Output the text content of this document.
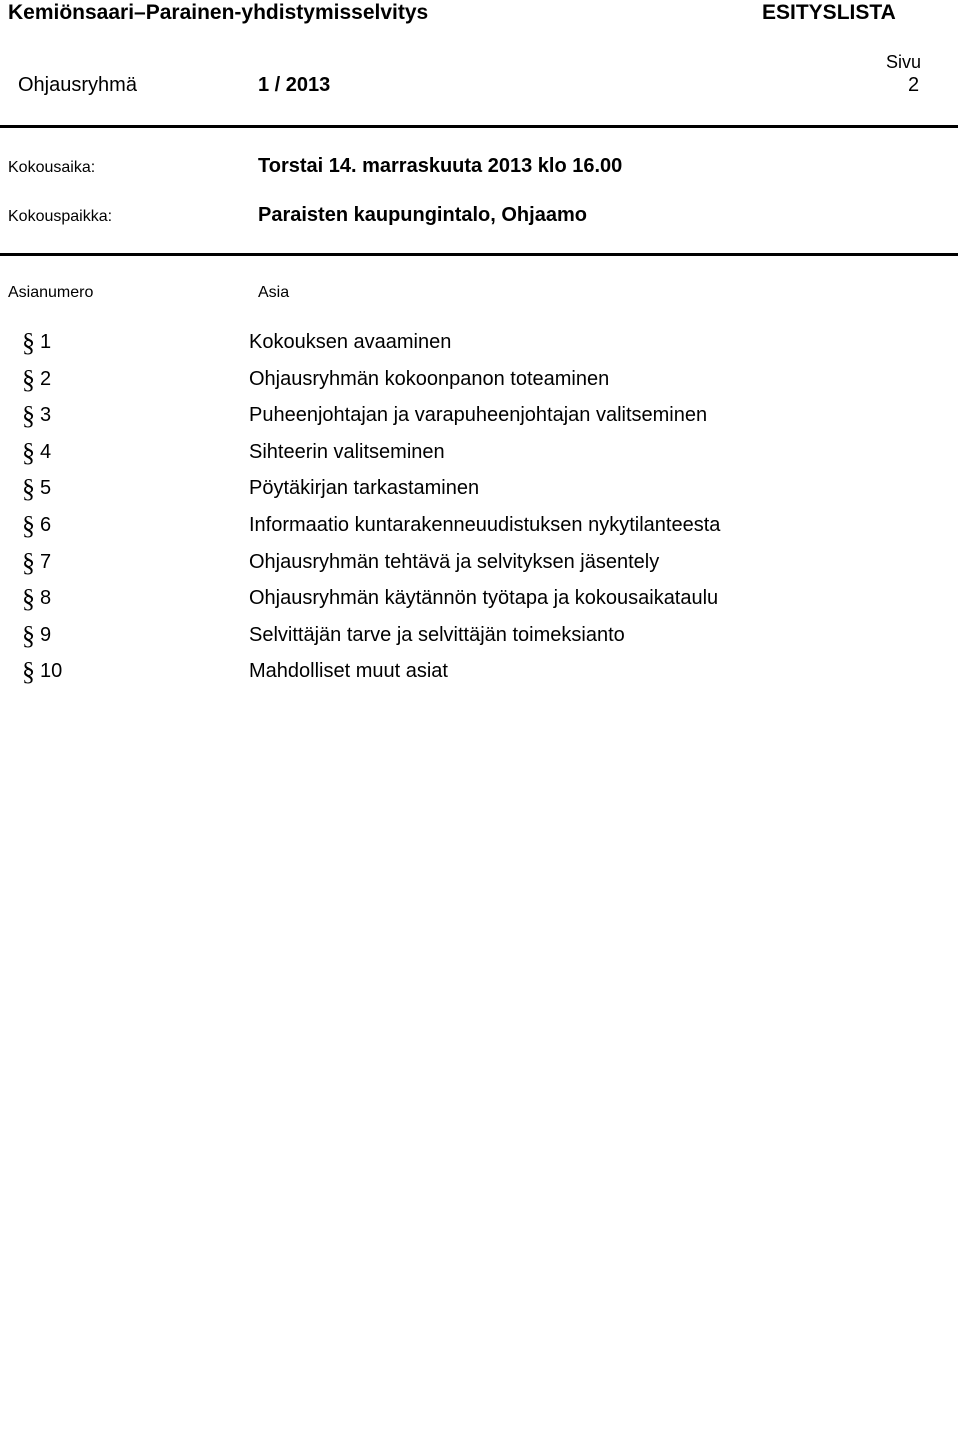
Kemiönsaari–Parainen-yhdistymisselvitys	ESITYSLISTA
Ohjausryhmä	1 / 2013
Sivu
2
Kokousaika:	Torstai 14. marraskuuta 2013 klo 16.00
Kokouspaikka:	Paraisten kaupungintalo, Ohjaamo
Asianumero	Asia
§ 1	Kokouksen avaaminen
§ 2	Ohjausryhmän kokoonpanon toteaminen
§ 3	Puheenjohtajan ja varapuheenjohtajan valitseminen
§ 4	Sihteerin valitseminen
§ 5	Pöytäkirjan tarkastaminen
§ 6	Informaatio kuntarakenneuudistuksen nykytilanteesta
§ 7	Ohjausryhmän tehtävä ja selvityksen jäsentely
§ 8	Ohjausryhmän käytännön työtapa ja kokousaikataulu
§ 9	Selvittäjän tarve ja selvittäjän toimeksianto
§ 10	Mahdolliset muut asiat
